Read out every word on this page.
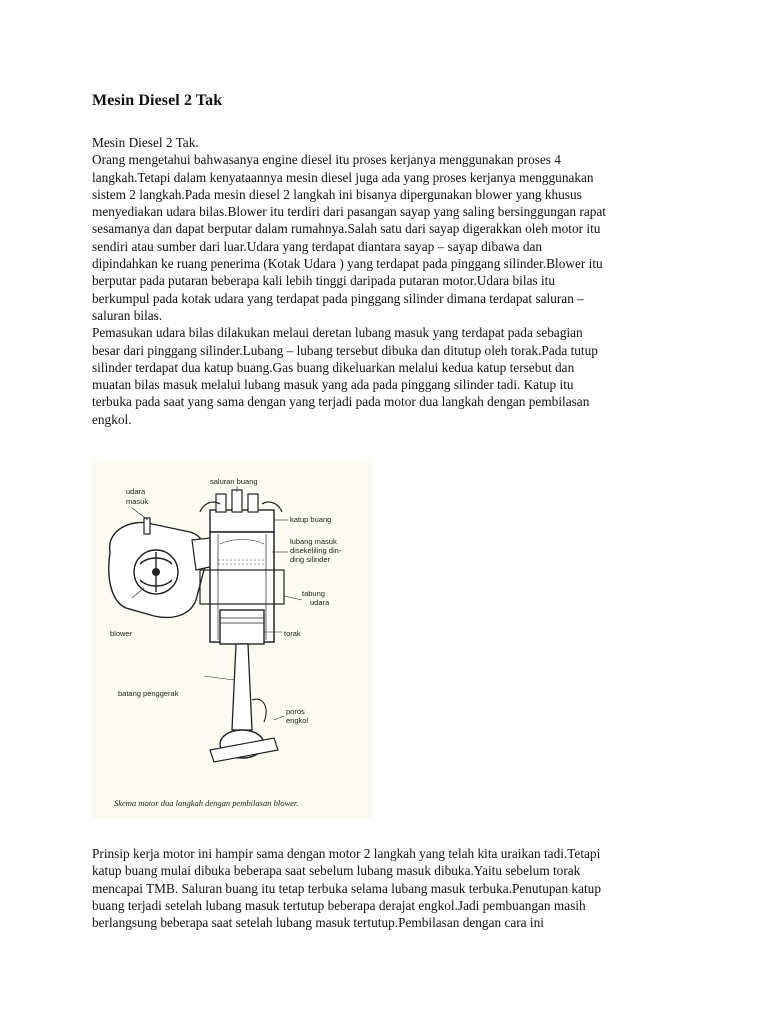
Mesin Diesel 2 Tak
Mesin Diesel 2 Tak.
Orang mengetahui bahwasanya engine diesel itu proses kerjanya menggunakan proses 4
langkah.Tetapi dalam kenyataannya mesin diesel juga ada yang proses kerjanya menggunakan
sistem 2 langkah.Pada mesin diesel 2 langkah ini bisanya dipergunakan blower yang khusus
menyediakan udara bilas.Blower itu terdiri dari pasangan sayap yang saling bersinggungan rapat
sesamanya dan dapat berputar dalam rumahnya.Salah satu dari sayap digerakkan oleh motor itu
sendiri atau sumber dari luar.Udara yang terdapat diantara sayap – sayap dibawa dan
dipindahkan ke ruang penerima (Kotak Udara ) yang terdapat pada pinggang silinder.Blower itu
berputar pada putaran beberapa kali lebih tinggi daripada putaran motor.Udara bilas itu
berkumpul pada kotak udara yang terdapat pada pinggang silinder dimana terdapat saluran –
saluran bilas.
Pemasukan udara bilas dilakukan melaui deretan lubang masuk yang terdapat pada sebagian
besar dari pinggang silinder.Lubang – lubang tersebut dibuka dan ditutup oleh torak.Pada tutup
silinder terdapat dua katup buang.Gas buang dikeluarkan melalui kedua katup tersebut dan
muatan bilas masuk melalui lubang masuk yang ada pada pinggang silinder tadi. Katup itu
terbuka pada saat yang sama dengan yang terjadi pada motor dua langkah dengan pembilasan
engkol.
udara
masuk
saluran buang
katup buang
lubang masuk
disekeliling din-
ding silinder
tabung
udara
blower	torak
batang penggerak
poros
engkol
Skema motor dua langkah dengan pembilasan blower.
Prinsip kerja motor ini hampir sama dengan motor 2 langkah yang telah kita uraikan tadi.Tetapi
katup buang mulai dibuka beberapa saat sebelum lubang masuk dibuka.Yaitu sebelum torak
mencapai TMB. Saluran buang itu tetap terbuka selama lubang masuk terbuka.Penutupan katup
buang terjadi setelah lubang masuk tertutup beberapa derajat engkol.Jadi pembuangan masih
berlangsung beberapa saat setelah lubang masuk tertutup.Pembilasan dengan cara ini
